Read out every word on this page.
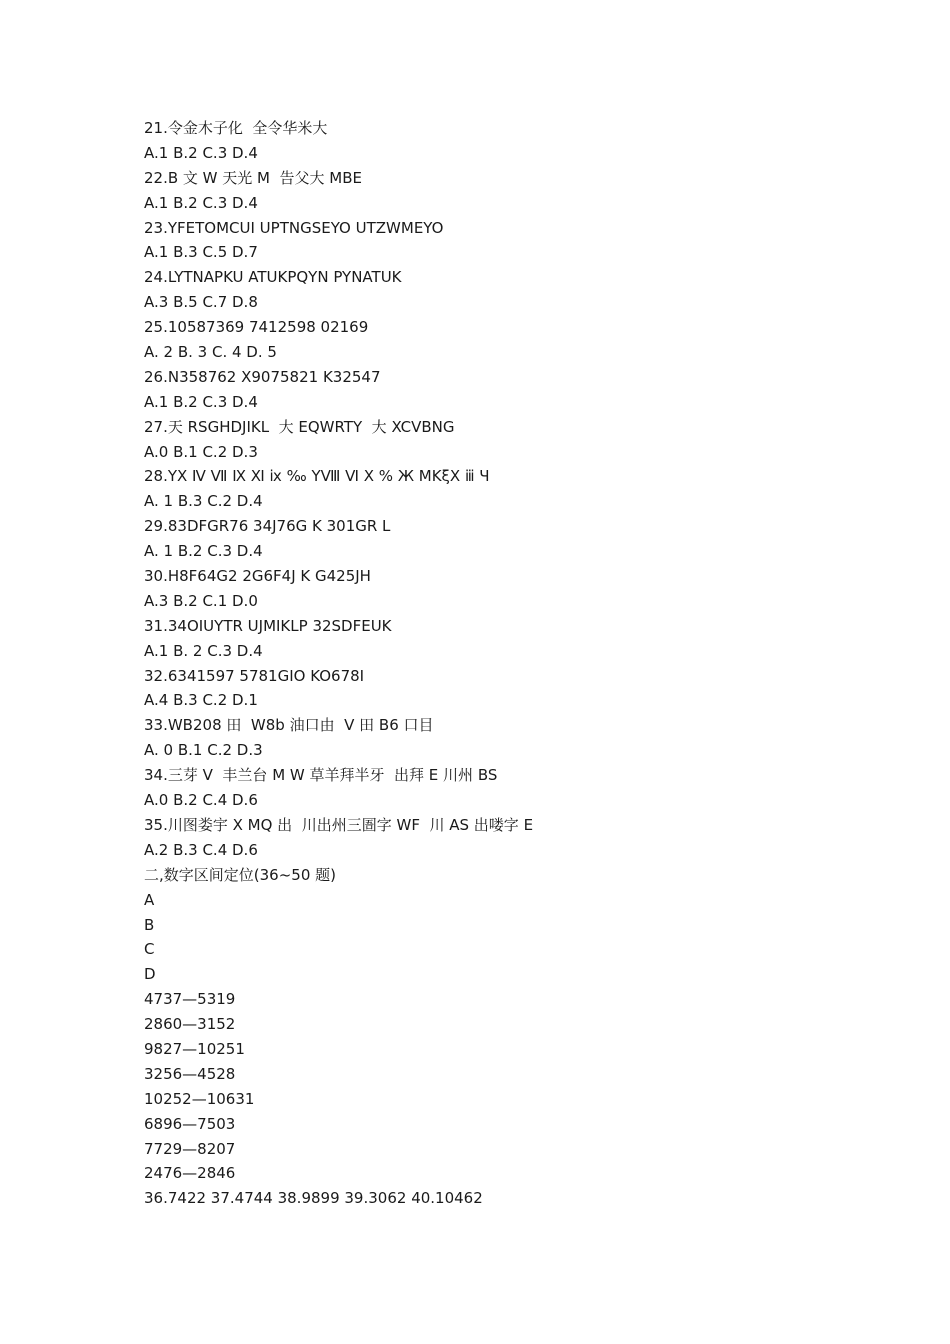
21.令金木子化  全令华米大
A.1 B.2 C.3 D.4
22.B 文 W 天光 M  告父大 MBE
A.1 B.2 C.3 D.4
23.YFETOMCUI UPTNGSEYO UTZWMEYO
A.1 B.3 C.5 D.7
24.LYTNAPKU ATUKPQYN PYNATUK
A.3 B.5 C.7 D.8
25.10587369 7412598 02169
A. 2 B. 3 C. 4 D. 5
26.N358762 X9075821 K32547
A.1 B.2 C.3 D.4
27.天 RSGHDJIKL  大 EQWRTY  大 XCVBNG
A.0 B.1 C.2 D.3
28.YⅩ Ⅳ Ⅶ Ⅸ Ⅺ ⅸ ‰ YⅧ Ⅵ Ⅹ % Ж MKξⅩ ⅲ Ч
A. 1 B.3 C.2 D.4
29.83DFGR76 34J76G K 301GR L
A. 1 B.2 C.3 D.4
30.H8F64G2 2G6F4J K G425JH
A.3 B.2 C.1 D.0
31.34OIUYTR UJMIKLP 32SDFEUK
A.1 B. 2 C.3 D.4
32.6341597 5781GIO KO678I
A.4 B.3 C.2 D.1
33.WB208 田  W8b 油口由  V 田 B6 口目
A. 0 B.1 C.2 D.3
34.三芽 V  丰兰台 M W 草羊拜半牙  出拜 E 川州 BS
A.0 B.2 C.4 D.6
35.川图娄宇 X MQ 出  川出州三圄字 WF  川 AS 出喽字 E
A.2 B.3 C.4 D.6
二,数字区间定位(36~50 题)
A
B
C
D
4737—5319
2860—3152
9827—10251
3256—4528
10252—10631
6896—7503
7729—8207
2476—2846
36.7422 37.4744 38.9899 39.3062 40.10462
